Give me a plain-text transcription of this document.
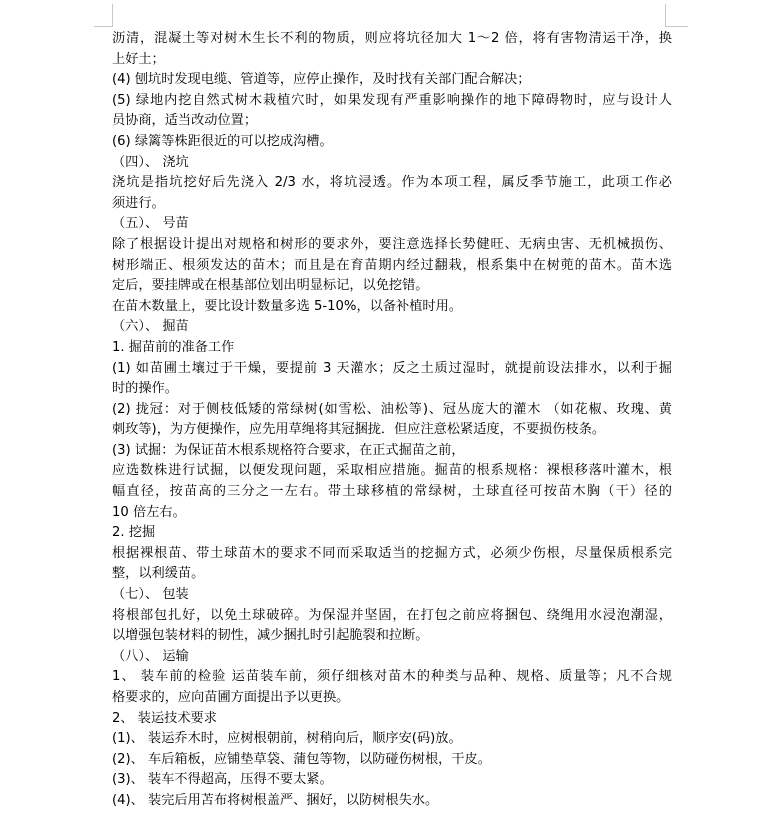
沥清，混凝土等对树木生长不利的物质，则应将坑径加大 1～2 倍，将有害物清运干净，换
上好土；
(4) 刨坑时发现电缆、管道等，应停止操作，及时找有关部门配合解决；
(5) 绿地内挖自然式树木栽植穴时，如果发现有严重影响操作的地下障碍物时，应与设计人
员协商，适当改动位置；
(6) 绿篱等株距很近的可以挖成沟槽。
（四）、 浇坑
浇坑是指坑挖好后先浇入 2/3 水，将坑浸透。作为本项工程，属反季节施工，此项工作必
须进行。
（五）、 号苗
除了根据设计提出对规格和树形的要求外，要注意选择长势健旺、无病虫害、无机械损伤、
树形端正、根须发达的苗木；而且是在育苗期内经过翻栽，根系集中在树蔸的苗木。苗木选
定后，要挂牌或在根基部位划出明显标记，以免挖错。
在苗木数量上，要比设计数量多选 5-10%，以备补植时用。
（六）、 掘苗
1. 掘苗前的准备工作
(1) 如苗圃土壤过于干燥，要提前 3 天灌水；反之土质过湿时，就提前设法排水，以利于掘
时的操作。
(2) 拢冠：对于侧枝低矮的常绿树(如雪松、油松等)、冠丛庞大的灌木 （如花椒、玫瑰、黄
刺玫等)，为方便操作，应先用草绳将其冠捆拢．但应注意松紧适度，不要损伤枝条。
(3) 试掘：为保证苗木根系规格符合要求，在正式掘苗之前，
应选数株进行试掘，以便发现问题，采取相应措施。掘苗的根系规格：裸根移落叶灌木，根
幅直径，按苗高的三分之一左右。带土球移植的常绿树，土球直径可按苗木胸（干）径的
10 倍左右。
2. 挖掘
根据裸根苗、带土球苗木的要求不同而采取适当的挖掘方式，必须少伤根，尽量保质根系完
整，以利缓苗。
（七）、 包装
将根部包扎好，以免土球破碎。为保湿并坚固，在打包之前应将捆包、绕绳用水浸泡潮湿，
以增强包装材料的韧性，减少捆扎时引起脆裂和拉断。
（八）、 运输
1、 装车前的检验 运苗装车前，须仔细核对苗木的种类与品种、规格、质量等；凡不合规
格要求的，应向苗圃方面提出予以更换。
2、 装运技术要求
(1)、 装运乔木时，应树根朝前，树稍向后，顺序安(码)放。
(2)、 车后箱板，应铺垫草袋、蒲包等物，以防碰伤树根，干皮。
(3)、 装车不得超高，压得不要太紧。
(4)、 装完后用苫布将树根盖严、捆好，以防树根失水。
